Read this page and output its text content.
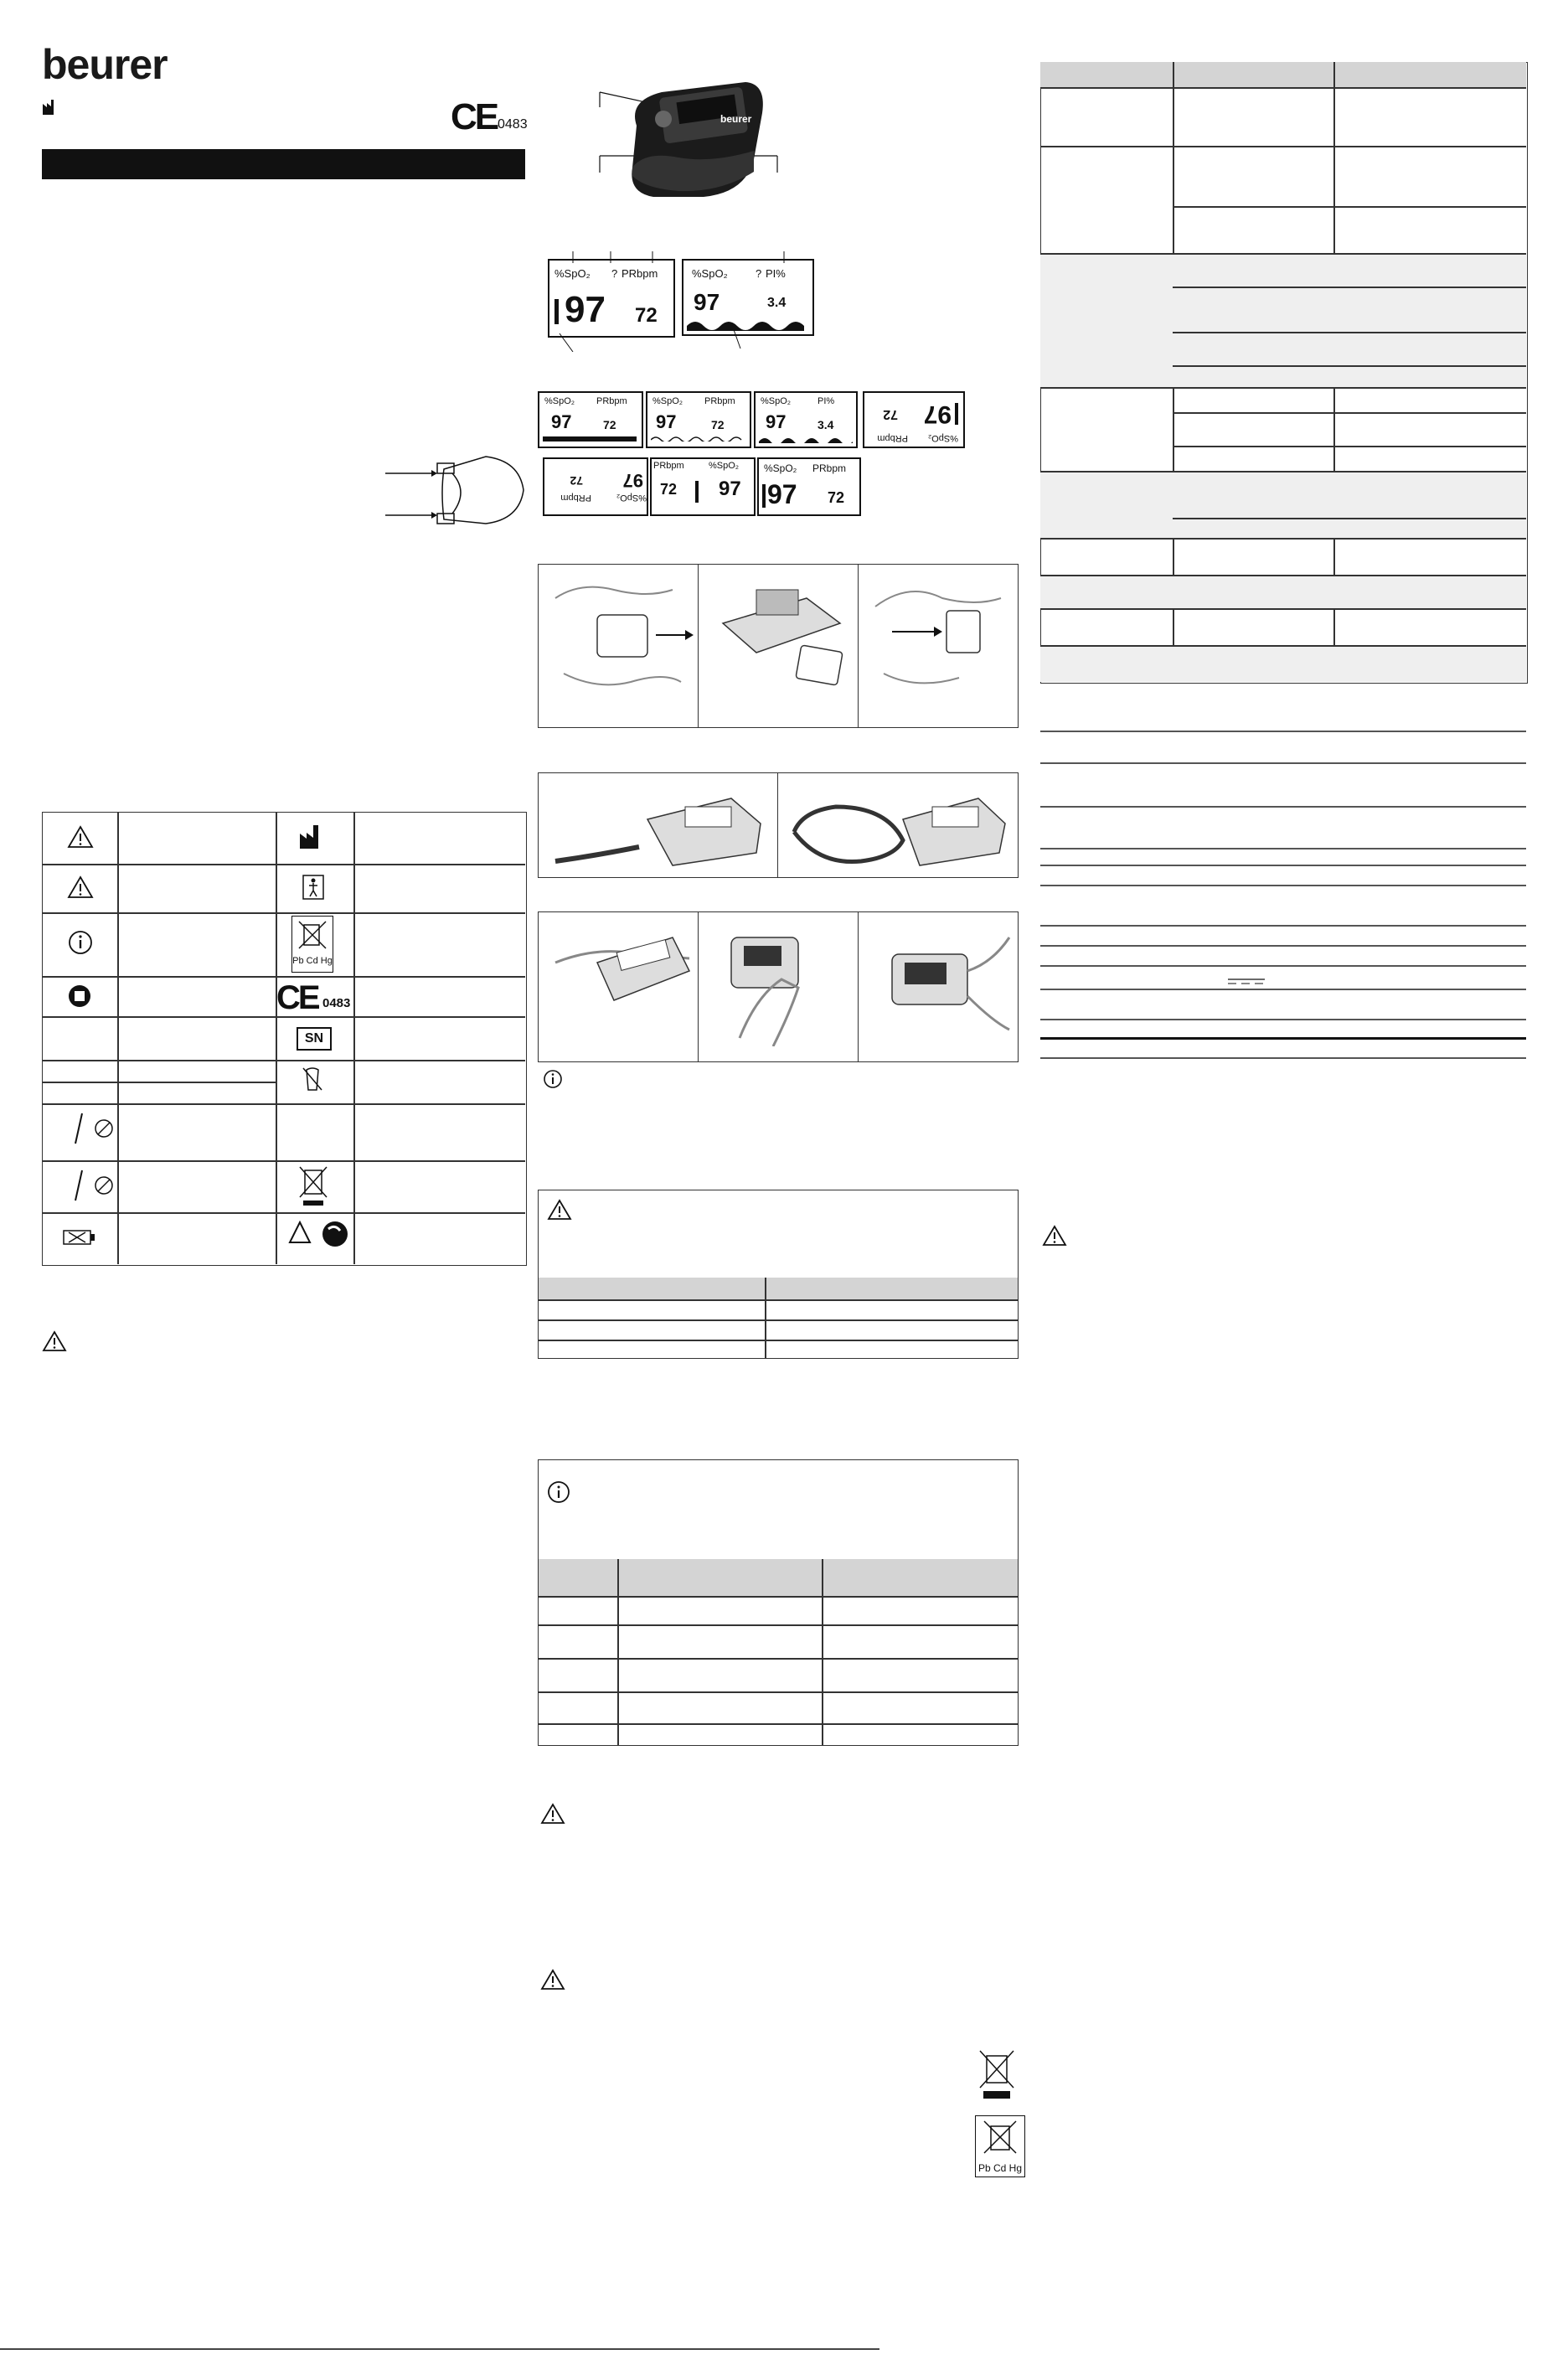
beurer
CE 0483
Pb Cd Hg
CE 0483
SN
beurer
%SpO₂ ? PRbpm
97 72
%SpO₂	? PI%
97	3.4
%SpO₂ PRbpm
97	72
%SpO₂ PRbpm
97	72
%SpO₂	PI%
97	3.4
%SpO₂
PRbpm
97
72
%SpO₂
PRbpm
97
72
PRbpm	%SpO₂
72 97
%SpO₂ PRbpm
97 72
Pb Cd Hg
